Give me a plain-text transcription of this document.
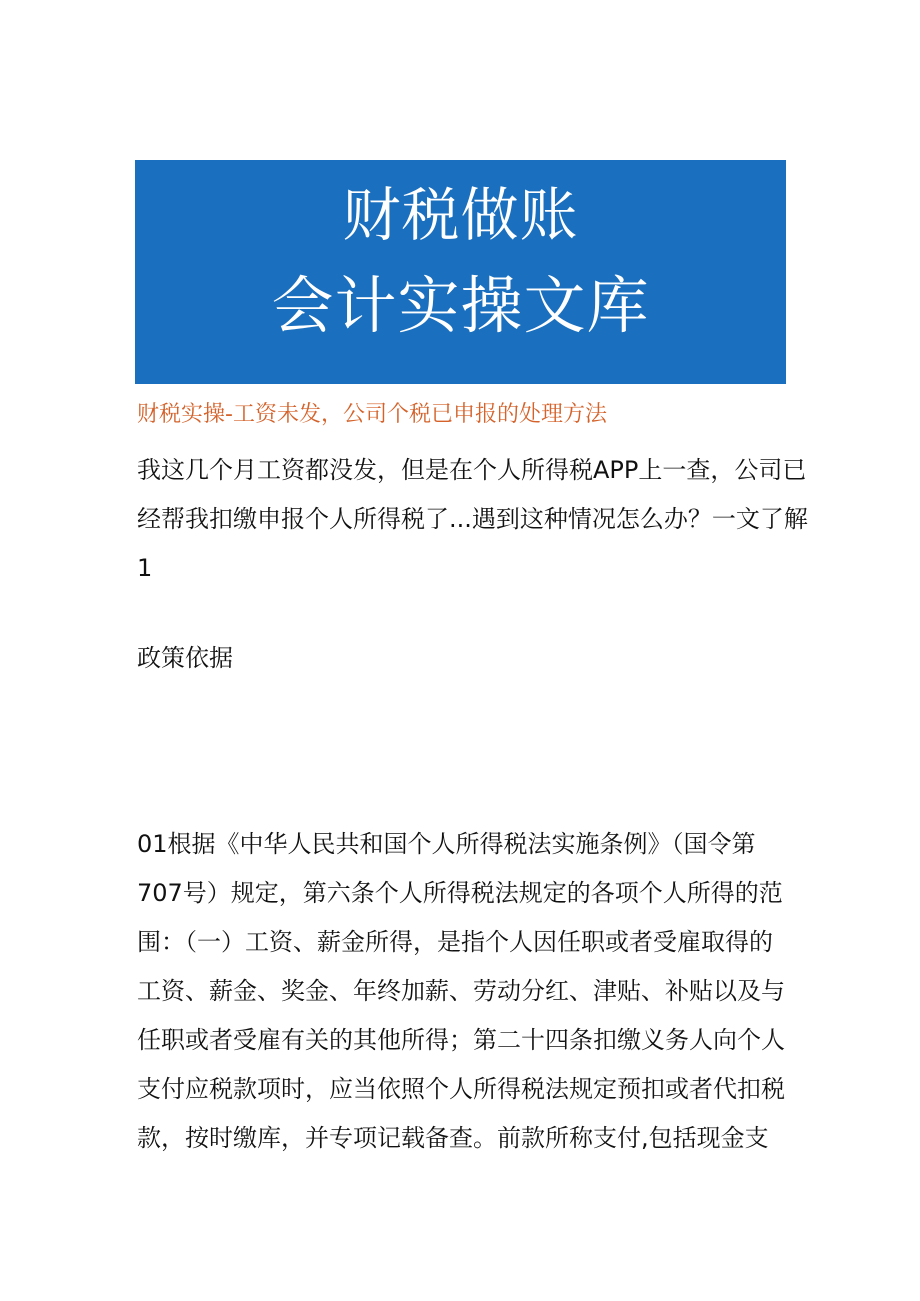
财税做账
会计实操文库
财税实操-工资未发，公司个税已申报的处理方法
我这几个月工资都没发，但是在个人所得税APP上一查，公司已
经帮我扣缴申报个人所得税了...遇到这种情况怎么办？一文了解
1
政策依据
01根据《中华人民共和国个人所得税法实施条例》（国令第
707号）规定，第六条个人所得税法规定的各项个人所得的范
围：（一）工资、薪金所得，是指个人因任职或者受雇取得的
工资、薪金、奖金、年终加薪、劳动分红、津贴、补贴以及与
任职或者受雇有关的其他所得；第二十四条扣缴义务人向个人
支付应税款项时，应当依照个人所得税法规定预扣或者代扣税
款，按时缴库，并专项记载备查。前款所称支付,包括现金支
